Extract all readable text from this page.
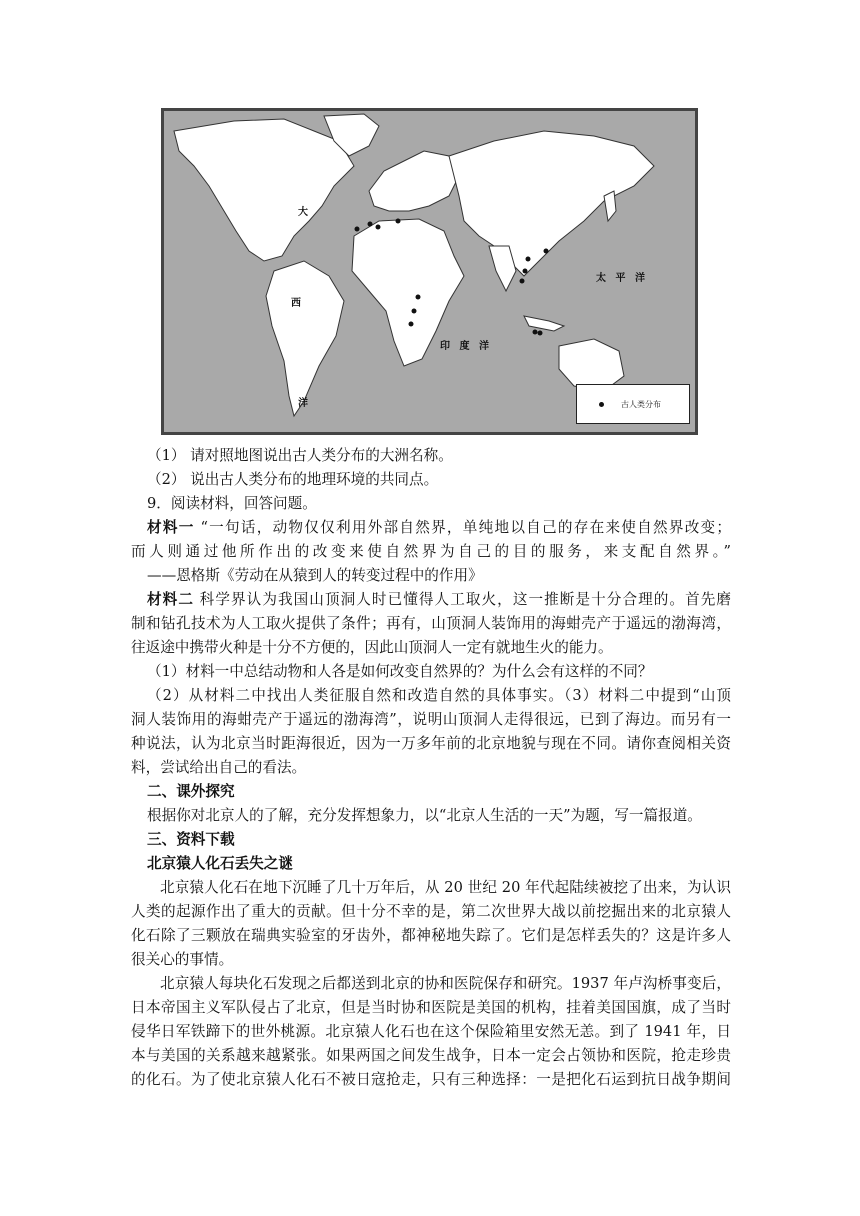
大
西
洋
太 平 洋
印 度 洋
古人类分布
（1） 请对照地图说出古人类分布的大洲名称。
（2） 说出古人类分布的地理环境的共同点。
9．阅读材料，回答问题。
材料一 “一句话，动物仅仅利用外部自然界，单纯地以自己的存在来使自然界改变；
而人则通过他所作出的改变来使自然界为自己的目的服务，来支配自然界。”
——恩格斯《劳动在从猿到人的转变过程中的作用》
材料二 科学界认为我国山顶洞人时已懂得人工取火，这一推断是十分合理的。首先磨
制和钻孔技术为人工取火提供了条件；再有，山顶洞人装饰用的海蚶壳产于遥远的渤海湾，
往返途中携带火种是十分不方便的，因此山顶洞人一定有就地生火的能力。
（1）材料一中总结动物和人各是如何改变自然界的？为什么会有这样的不同？
（2）从材料二中找出人类征服自然和改造自然的具体事实。（3）材料二中提到“山顶
洞人装饰用的海蚶壳产于遥远的渤海湾”，说明山顶洞人走得很远，已到了海边。而另有一
种说法，认为北京当时距海很近，因为一万多年前的北京地貌与现在不同。请你查阅相关资
料，尝试给出自己的看法。
二、课外探究
根据你对北京人的了解，充分发挥想象力，以“北京人生活的一天”为题，写一篇报道。
三、资料下载
北京猿人化石丢失之谜
北京猿人化石在地下沉睡了几十万年后，从 20 世纪 20 年代起陆续被挖了出来，为认识
人类的起源作出了重大的贡献。但十分不幸的是，第二次世界大战以前挖掘出来的北京猿人
化石除了三颗放在瑞典实验室的牙齿外，都神秘地失踪了。它们是怎样丢失的？这是许多人
很关心的事情。
北京猿人每块化石发现之后都送到北京的协和医院保存和研究。1937 年卢沟桥事变后，
日本帝国主义军队侵占了北京，但是当时协和医院是美国的机构，挂着美国国旗，成了当时
侵华日军铁蹄下的世外桃源。北京猿人化石也在这个保险箱里安然无恙。到了 1941 年，日
本与美国的关系越来越紧张。如果两国之间发生战争，日本一定会占领协和医院，抢走珍贵
的化石。为了使北京猿人化石不被日寇抢走，只有三种选择：一是把化石运到抗日战争期间
